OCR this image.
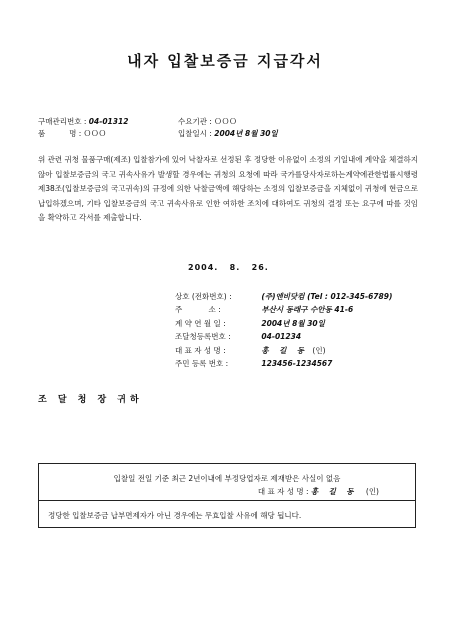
내자 입찰보증금 지급각서
구매관리번호 : 04-01312	수요기관 : ＯＯＯ
품          명 : ＯＯＯ	입찰일시 : 2004년 8월 30일
위 관련 귀청 물품구매(제조) 입찰참가에 있어 낙찰자로 선정된 후 정당한 이유없이 소정의 기일내에 계약을 체결하지 않아 입찰보증금의 국고 귀속사유가 발생할 경우에는 귀청의 요청에 따라 국가를당사자로하는계약에관한법률시행령 제38조(입찰보증금의 국고귀속)의 규정에 의한 낙찰금액에 해당하는 소정의 입찰보증금을 지체없이 귀청에 현금으로 납입하겠으며, 기타 입찰보증금의 국고 귀속사유로 인한 여하한 조치에 대하여도 귀청의 결정 또는 요구에 따를 것임을 확약하고 각서를 제출합니다.
2004.   8.   26.
상호 (전화번호) :	(주)엔비닷컴 (Tel : 012-345-6789)
주           소 :	부산시 동래구 수안동 41-6
계 약 연 월 일 :	2004년 8월 30일
조달청등록번호 :	04-01234
대 표 자 성 명 :	홍    길    동 (인)
주민 등록 번호 :	123456-1234567
조 달 청 장 귀하
입찰일 전일 기준 최근 2년이내에 부정당업자로 제재받은 사실이 없음
대 표 자 성 명 : 홍    길    동 (인)
정당한 입찰보증금 납부면제자가 아닌 경우에는 무효입찰 사유에 해당 됩니다.
